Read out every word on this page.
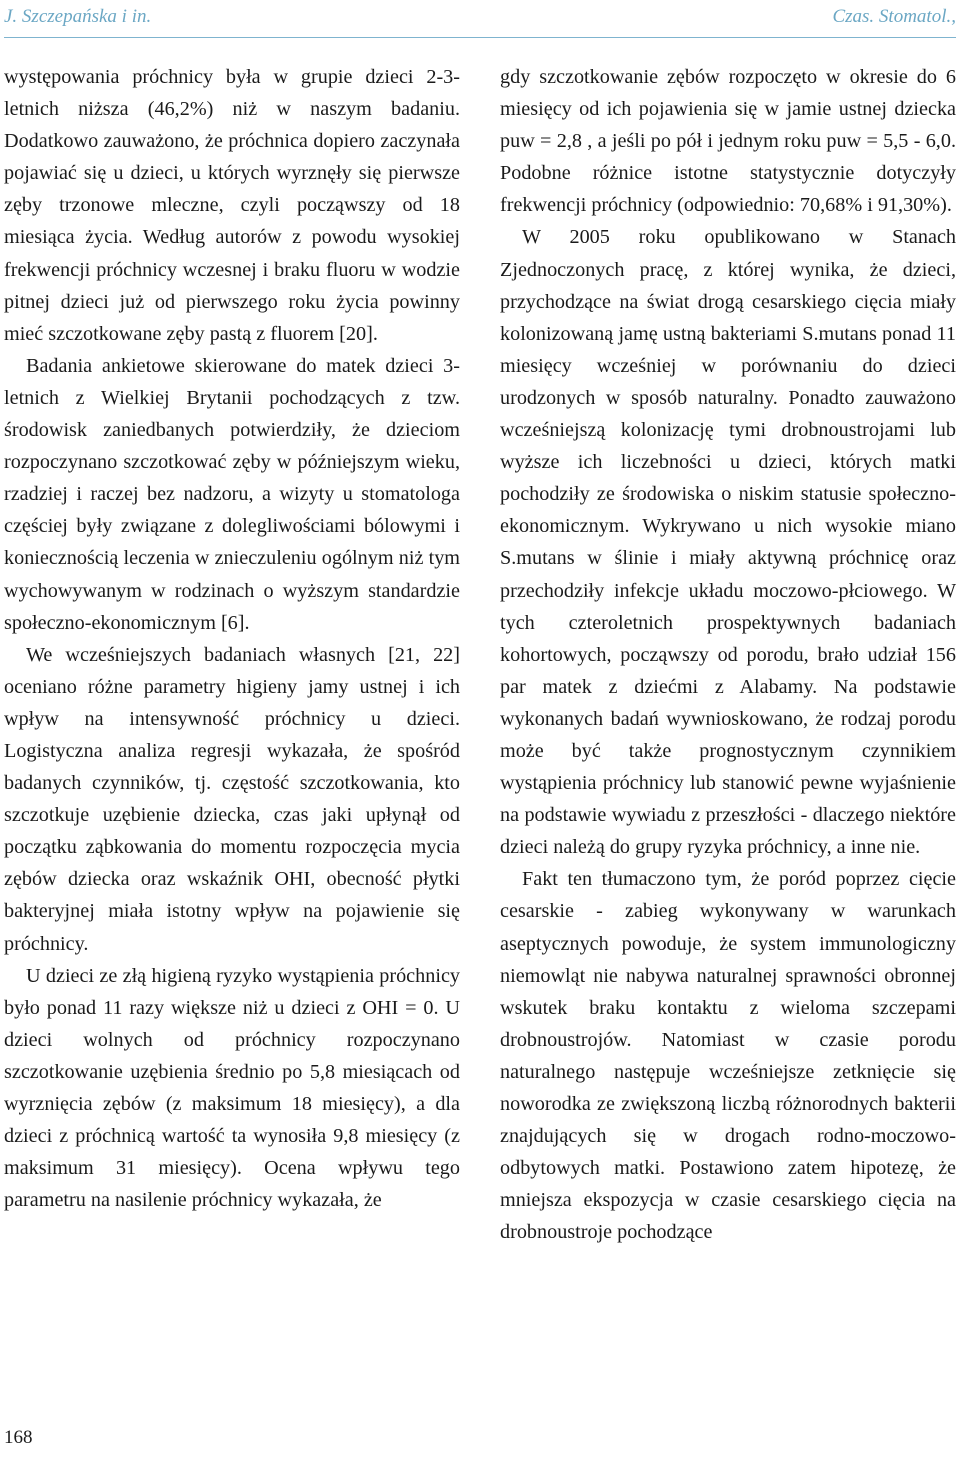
J. Szczepańska i in.	Czas. Stomatol.,

występowania próchnicy była w grupie dzieci 2-3-letnich niższa (46,2%) niż w naszym badaniu. Dodatkowo zauważono, że próchnica dopiero zaczynała pojawiać się u dzieci, u których wyrznęły się pierwsze zęby trzonowe mleczne, czyli począwszy od 18 miesiąca życia. Według autorów z powodu wysokiej frekwencji próchnicy wczesnej i braku fluoru w wodzie pitnej dzieci już od pierwszego roku życia powinny mieć szczotkowane zęby pastą z fluorem [20].

Badania ankietowe skierowane do matek dzieci 3-letnich z Wielkiej Brytanii pochodzących z tzw. środowisk zaniedbanych potwierdziły, że dzieciom rozpoczynano szczotkować zęby w późniejszym wieku, rzadziej i raczej bez nadzoru, a wizyty u stomatologa częściej były związane z dolegliwościami bólowymi i koniecznością leczenia w znieczuleniu ogólnym niż tym wychowywanym w rodzinach o wyższym standardzie społeczno-ekonomicznym [6].

We wcześniejszych badaniach własnych [21, 22] oceniano różne parametry higieny jamy ustnej i ich wpływ na intensywność próchnicy u dzieci. Logistyczna analiza regresji wykazała, że spośród badanych czynników, tj. częstość szczotkowania, kto szczotkuje uzębienie dziecka, czas jaki upłynął od początku ząbkowania do momentu rozpoczęcia mycia zębów dziecka oraz wskaźnik OHI, obecność płytki bakteryjnej miała istotny wpływ na pojawienie się próchnicy.

U dzieci ze złą higieną ryzyko wystąpienia próchnicy było ponad 11 razy większe niż u dzieci z OHI = 0. U dzieci wolnych od próchnicy rozpoczynano szczotkowanie uzębienia średnio po 5,8 miesiącach od wyrznięcia zębów (z maksimum 18 miesięcy), a dla dzieci z próchnicą wartość ta wynosiła 9,8 miesięcy (z maksimum 31 miesięcy). Ocena wpływu tego parametru na nasilenie próchnicy wykazała, że

gdy szczotkowanie zębów rozpoczęto w okresie do 6 miesięcy od ich pojawienia się w jamie ustnej dziecka puw = 2,8 , a jeśli po pół i jednym roku puw = 5,5 - 6,0. Podobne różnice istotne statystycznie dotyczyły frekwencji próchnicy (odpowiednio: 70,68% i 91,30%).

W 2005 roku opublikowano w Stanach Zjednoczonych pracę, z której wynika, że dzieci, przychodzące na świat drogą cesarskiego cięcia miały kolonizowaną jamę ustną bakteriami S.mutans ponad 11 miesięcy wcześniej w porównaniu do dzieci urodzonych w sposób naturalny. Ponadto zauważono wcześniejszą kolonizację tymi drobnoustrojami lub wyższe ich liczebności u dzieci, których matki pochodziły ze środowiska o niskim statusie społeczno-ekonomicznym. Wykrywano u nich wysokie miano S.mutans w ślinie i miały aktywną próchnicę oraz przechodziły infekcje układu moczowo-płciowego. W tych czteroletnich prospektywnych badaniach kohortowych, począwszy od porodu, brało udział 156 par matek z dziećmi z Alabamy. Na podstawie wykonanych badań wywnioskowano, że rodzaj porodu może być także prognostycznym czynnikiem wystąpienia próchnicy lub stanowić pewne wyjaśnienie na podstawie wywiadu z przeszłości - dlaczego niektóre dzieci należą do grupy ryzyka próchnicy, a inne nie.

Fakt ten tłumaczono tym, że poród poprzez cięcie cesarskie - zabieg wykonywany w warunkach aseptycznych powoduje, że system immunologiczny niemowląt nie nabywa naturalnej sprawności obronnej wskutek braku kontaktu z wieloma szczepami drobnoustrojów. Natomiast w czasie porodu naturalnego następuje wcześniejsze zetknięcie się noworodka ze zwiększoną liczbą różnorodnych bakterii znajdujących się w drogach rodno-moczowo-odbytowych matki. Postawiono zatem hipotezę, że mniejsza ekspozycja w czasie cesarskiego cięcia na drobnoustroje pochodzące

168
